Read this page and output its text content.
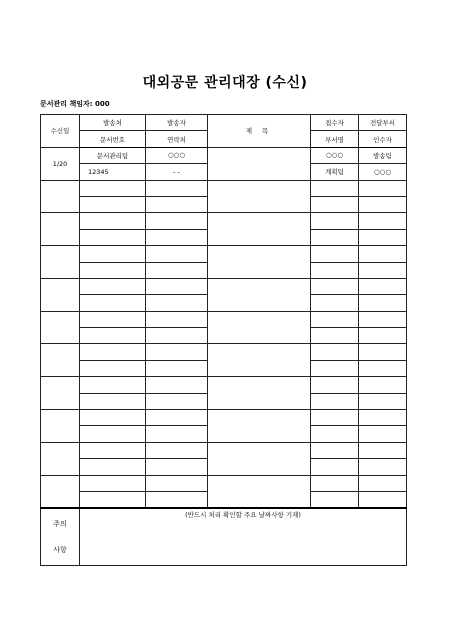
대외공문 관리대장 (수신)
문서관리 책임자: 000
수신일	발송처	발송자	제 목	접수자	전달부서
	문서번호	연락처		부서명	인수자
1/20	문서관리팀	○○○		○○○	발송팀
	12345	- -		계획팀	○○○

주의
사항	(반드시 처리 확인할 주요 날짜사항 기재)				
